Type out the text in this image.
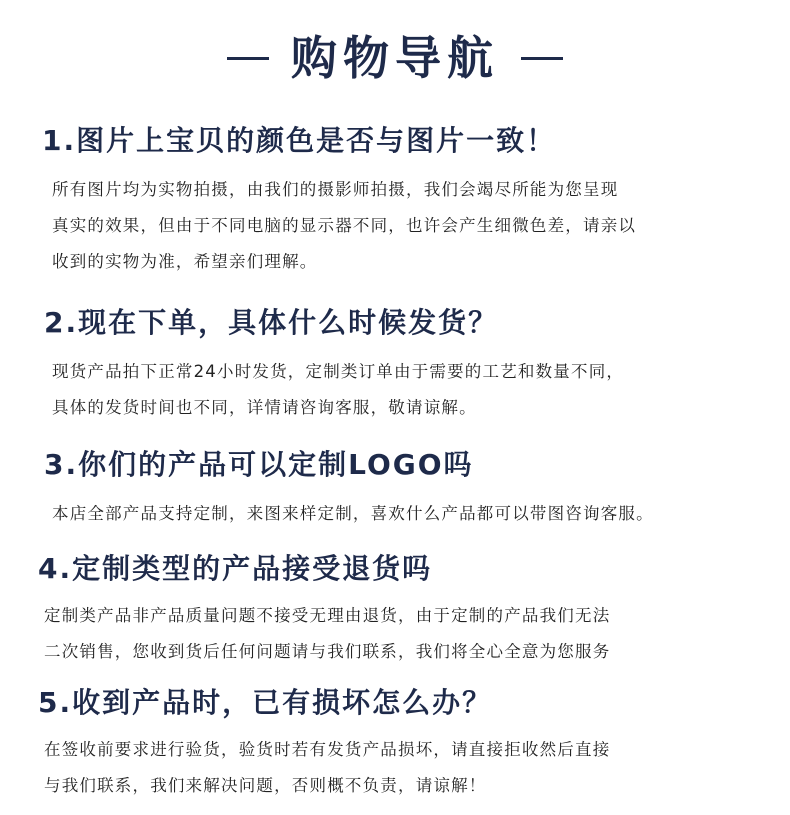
购物导航
1.图片上宝贝的颜色是否与图片一致！
所有图片均为实物拍摄，由我们的摄影师拍摄，我们会竭尽所能为您呈现
真实的效果，但由于不同电脑的显示器不同，也许会产生细微色差，请亲以
收到的实物为准，希望亲们理解。
2.现在下单，具体什么时候发货？
现货产品拍下正常24小时发货，定制类订单由于需要的工艺和数量不同，
具体的发货时间也不同，详情请咨询客服，敬请谅解。
3.你们的产品可以定制LOGO吗
本店全部产品支持定制，来图来样定制，喜欢什么产品都可以带图咨询客服。
4.定制类型的产品接受退货吗
定制类产品非产品质量问题不接受无理由退货，由于定制的产品我们无法
二次销售，您收到货后任何问题请与我们联系，我们将全心全意为您服务
5.收到产品时，已有损坏怎么办？
在签收前要求进行验货，验货时若有发货产品损坏，请直接拒收然后直接
与我们联系，我们来解决问题，否则概不负责，请谅解！
